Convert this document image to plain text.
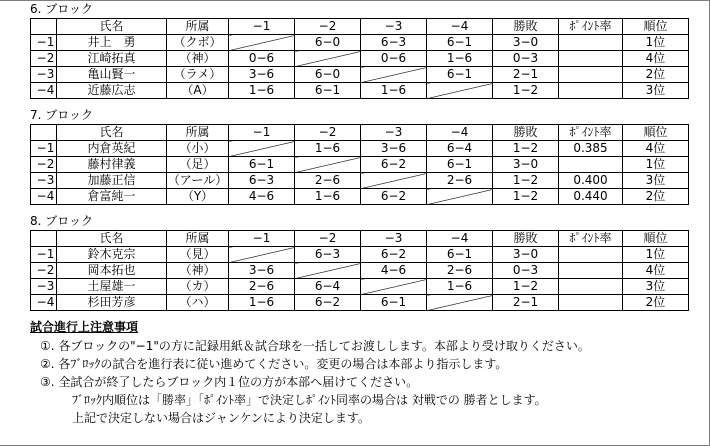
6. ブロック
	氏名	所属	−1	−2	−3	−4	勝敗	ﾎﾟｲﾝﾄ率	順位
−1	井上　勇	（クボ）		6−0	6−3	6−1	3−0		1位
−2	江崎拓真	（神）	0−6		0−6	1−6	0−3		4位
−3	亀山賢一	（ラメ）	3−6	6−0		6−1	2−1		2位
−4	近藤広志	（A）	1−6	6−1	1−6		1−2		3位
7. ブロック
	氏名	所属	−1	−2	−3	−4	勝敗	ﾎﾟｲﾝﾄ率	順位
−1	内倉英紀	（小）		1−6	3−6	6−4	1−2	0.385	4位
−2	藤村律義	（足）	6−1		6−2	6−1	3−0		1位
−3	加藤正信	（アール）	6−3	2−6		2−6	1−2	0.400	3位
−4	倉富純一	（Y）	4−6	1−6	6−2		1−2	0.440	2位
8. ブロック
	氏名	所属	−1	−2	−3	−4	勝敗	ﾎﾟｲﾝﾄ率	順位
−1	鈴木克宗	（見）		6−3	6−2	6−1	3−0		1位
−2	岡本拓也	（神）	3−6		4−6	2−6	0−3		4位
−3	土屋雄一	（カ）	2−6	6−4		1−6	1−2		3位
−4	杉田芳彦	（ハ）	1−6	6−2	6−1		2−1		2位
試合進行上注意事項
①. 各ブロックの"−1"の方に記録用紙＆試合球を一括してお渡しします。本部より受け取りください。
②. 各ﾌﾞﾛｯｸの試合を進行表に従い進めてください。変更の場合は本部より指示します。
③. 全試合が終了したらブロック内１位の方が本部へ届けてください。
ﾌﾞﾛｯｸ内順位は「勝率」「ﾎﾟｲﾝﾄ率」で決定しﾎﾟｲﾝﾄ同率の場合は 対戦での 勝者とします。
上記で決定しない場合はジャンケンにより決定します。
